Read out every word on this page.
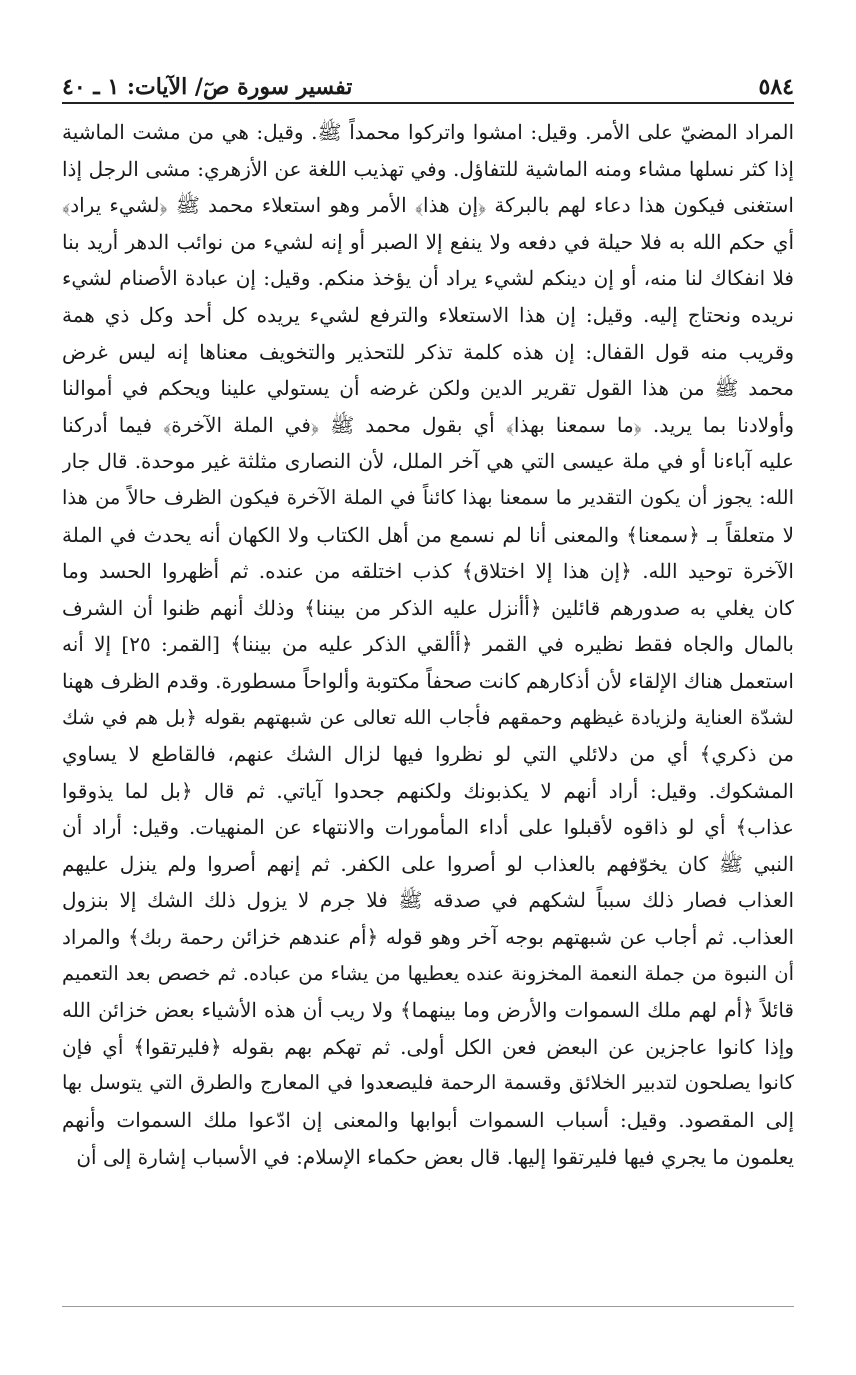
٥٨٤
تفسير سورة صٓ/ الآيات: ١ ـ ٤٠
المراد المضيّ على الأمر. وقيل: امشوا واتركوا محمداً ﷺ. وقيل: هي من مشت الماشية
إذا كثر نسلها مشاء ومنه الماشية للتفاؤل. وفي تهذيب اللغة عن الأزهري: مشى الرجل إذا
استغنى فيكون هذا دعاء لهم بالبركة ﴿إن هذا﴾ الأمر وهو استعلاء محمد ﷺ ﴿لشيء يراد﴾
أي حكم الله به فلا حيلة في دفعه ولا ينفع إلا الصبر أو إنه لشيء من نوائب الدهر أريد بنا
فلا انفكاك لنا منه، أو إن دينكم لشيء يراد أن يؤخذ منكم. وقيل: إن عبادة الأصنام لشيء
نريده ونحتاج إليه. وقيل: إن هذا الاستعلاء والترفع لشيء يريده كل أحد وكل ذي همة
وقريب منه قول القفال: إن هذه كلمة تذكر للتحذير والتخويف معناها إنه ليس غرض
محمد ﷺ من هذا القول تقرير الدين ولكن غرضه أن يستولي علينا ويحكم في أموالنا
وأولادنا بما يريد. ﴿ما سمعنا بهذا﴾ أي بقول محمد ﷺ ﴿في الملة الآخرة﴾ فيما أدركنا
عليه آباءنا أو في ملة عيسى التي هي آخر الملل، لأن النصارى مثلثة غير موحدة. قال جار
الله: يجوز أن يكون التقدير ما سمعنا بهذا كائناً في الملة الآخرة فيكون الظرف حالاً من هذا
لا متعلقاً بـ ﴿سمعنا﴾ والمعنى أنا لم نسمع من أهل الكتاب ولا الكهان أنه يحدث في الملة
الآخرة توحيد الله. ﴿إن هذا إلا اختلاق﴾ كذب اختلقه من عنده. ثم أظهروا الحسد وما
كان يغلي به صدورهم قائلين ﴿أأنزل عليه الذكر من بيننا﴾ وذلك أنهم ظنوا أن الشرف
بالمال والجاه فقط نظيره في القمر ﴿أألقي الذكر عليه من بيننا﴾ [القمر: ٢٥] إلا أنه
استعمل هناك الإلقاء لأن أذكارهم كانت صحفاً مكتوبة وألواحاً مسطورة. وقدم الظرف ههنا
لشدّة العناية ولزيادة غيظهم وحمقهم فأجاب الله تعالى عن شبهتهم بقوله ﴿بل هم في شك
من ذكري﴾ أي من دلائلي التي لو نظروا فيها لزال الشك عنهم، فالقاطع لا يساوي
المشكوك. وقيل: أراد أنهم لا يكذبونك ولكنهم جحدوا آياتي. ثم قال ﴿بل لما يذوقوا
عذاب﴾ أي لو ذاقوه لأقبلوا على أداء المأمورات والانتهاء عن المنهيات. وقيل: أراد أن
النبي ﷺ كان يخوّفهم بالعذاب لو أصروا على الكفر. ثم إنهم أصروا ولم ينزل عليهم
العذاب فصار ذلك سبباً لشكهم في صدقه ﷺ فلا جرم لا يزول ذلك الشك إلا بنزول
العذاب. ثم أجاب عن شبهتهم بوجه آخر وهو قوله ﴿أم عندهم خزائن رحمة ربك﴾ والمراد
أن النبوة من جملة النعمة المخزونة عنده يعطيها من يشاء من عباده. ثم خصص بعد التعميم
قائلاً ﴿أم لهم ملك السموات والأرض وما بينهما﴾ ولا ريب أن هذه الأشياء بعض خزائن الله
وإذا كانوا عاجزين عن البعض فعن الكل أولى. ثم تهكم بهم بقوله ﴿فليرتقوا﴾ أي فإن
كانوا يصلحون لتدبير الخلائق وقسمة الرحمة فليصعدوا في المعارج والطرق التي يتوسل بها
إلى المقصود. وقيل: أسباب السموات أبوابها والمعنى إن ادّعوا ملك السموات وأنهم
يعلمون ما يجري فيها فليرتقوا إليها. قال بعض حكماء الإسلام: في الأسباب إشارة إلى أن
